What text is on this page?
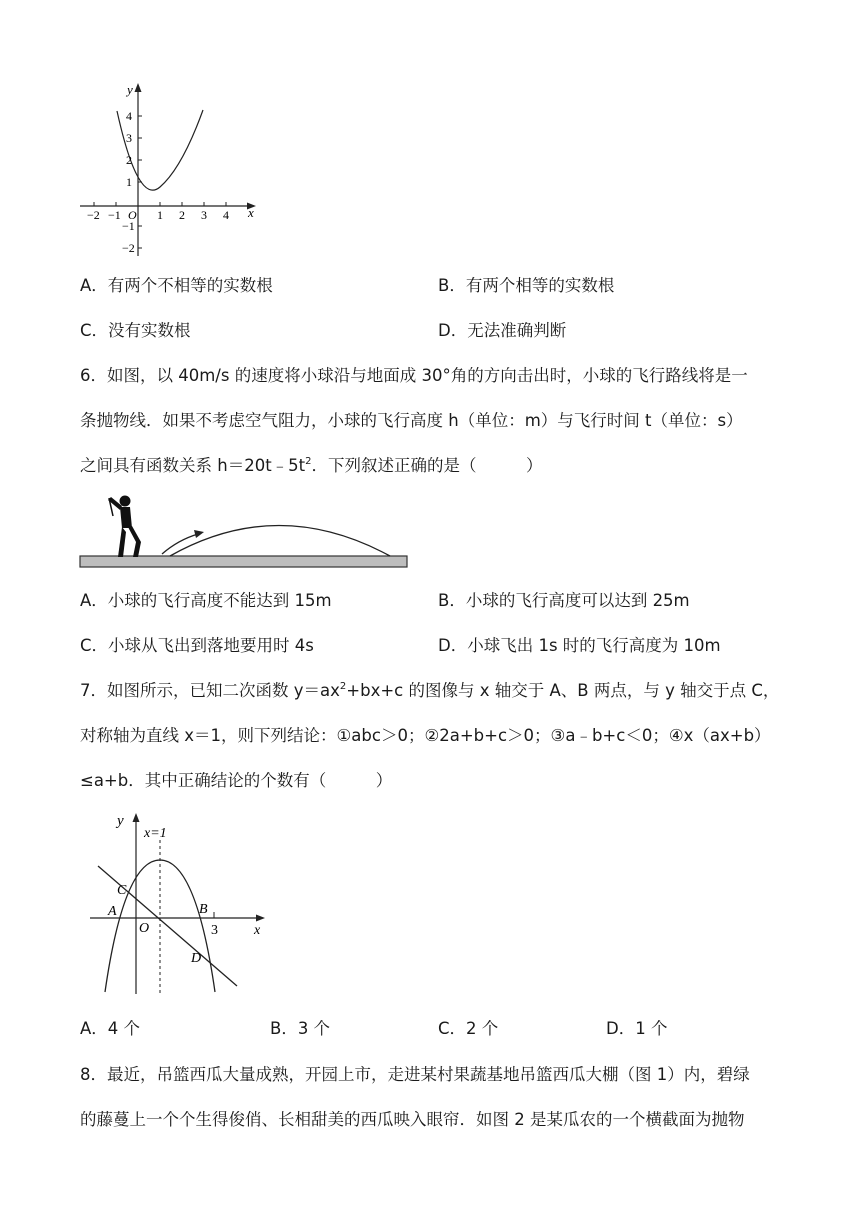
y
x
O
4
3
2
1
−1
−2
−2 −1	1 2 3 4
A．有两个不相等的实数根	B．有两个相等的实数根
C．没有实数根	D．无法准确判断
6．如图，以 40m/s 的速度将小球沿与地面成 30°角的方向击出时，小球的飞行路线将是一
条抛物线．如果不考虑空气阻力，小球的飞行高度 h（单位：m）与飞行时间 t（单位：s）
之间具有函数关系 $h=20t﹣5t^2$．下列叙述正确的是（　　　）
A．小球的飞行高度不能达到 15m	B．小球的飞行高度可以达到 25m
C．小球从飞出到落地要用时 4s	D．小球飞出 1s 时的飞行高度为 10m
7．如图所示，已知二次函数 $y=ax^2+bx+c$ 的图像与 x 轴交于 A、B 两点，与 y 轴交于点 C，
对称轴为直线 x＝1，则下列结论：①abc＞0；②2a+b+c＞0；③a﹣b+c＜0；④x（ax+b）
≤a+b．其中正确结论的个数有（　　　）
y
x
x=1
O
A	B
C
D
3
A．4 个	B．3 个	C．2 个	D．1 个
8．最近，吊篮西瓜大量成熟，开园上市，走进某村果蔬基地吊篮西瓜大棚（图 1）内，碧绿
的藤蔓上一个个生得俊俏、长相甜美的西瓜映入眼帘．如图 2 是某瓜农的一个横截面为抛物
